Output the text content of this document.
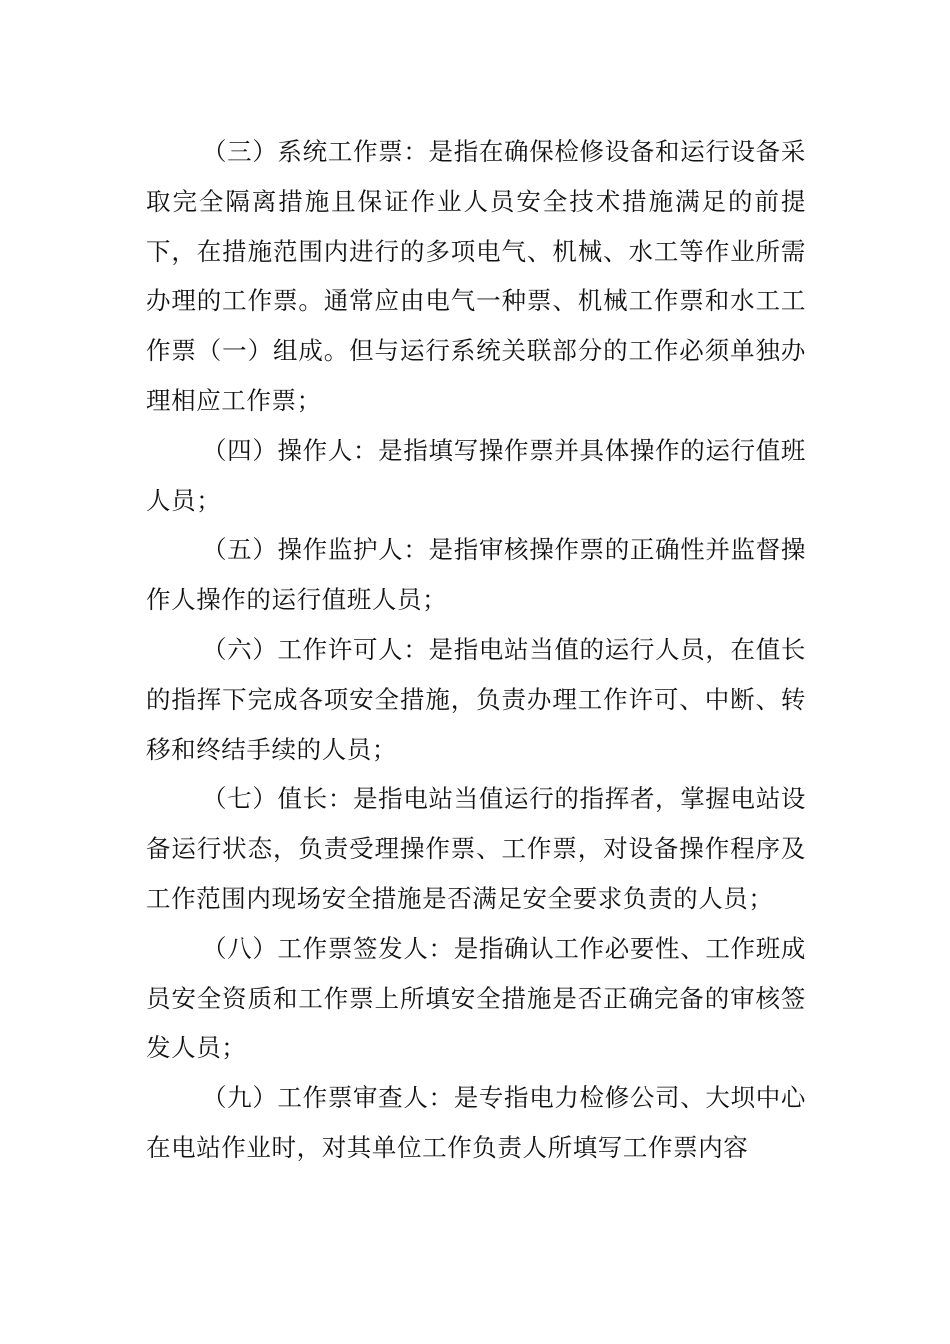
（三）系统工作票：是指在确保检修设备和运行设备采取完全隔离措施且保证作业人员安全技术措施满足的前提下，在措施范围内进行的多项电气、机械、水工等作业所需办理的工作票。通常应由电气一种票、机械工作票和水工工作票（一）组成。但与运行系统关联部分的工作必须单独办理相应工作票；

（四）操作人：是指填写操作票并具体操作的运行值班人员；

（五）操作监护人：是指审核操作票的正确性并监督操作人操作的运行值班人员；

（六）工作许可人：是指电站当值的运行人员，在值长的指挥下完成各项安全措施，负责办理工作许可、中断、转移和终结手续的人员；

（七）值长：是指电站当值运行的指挥者，掌握电站设备运行状态，负责受理操作票、工作票，对设备操作程序及工作范围内现场安全措施是否满足安全要求负责的人员；

（八）工作票签发人：是指确认工作必要性、工作班成员安全资质和工作票上所填安全措施是否正确完备的审核签发人员；

（九）工作票审查人：是专指电力检修公司、大坝中心在电站作业时，对其单位工作负责人所填写工作票内容
